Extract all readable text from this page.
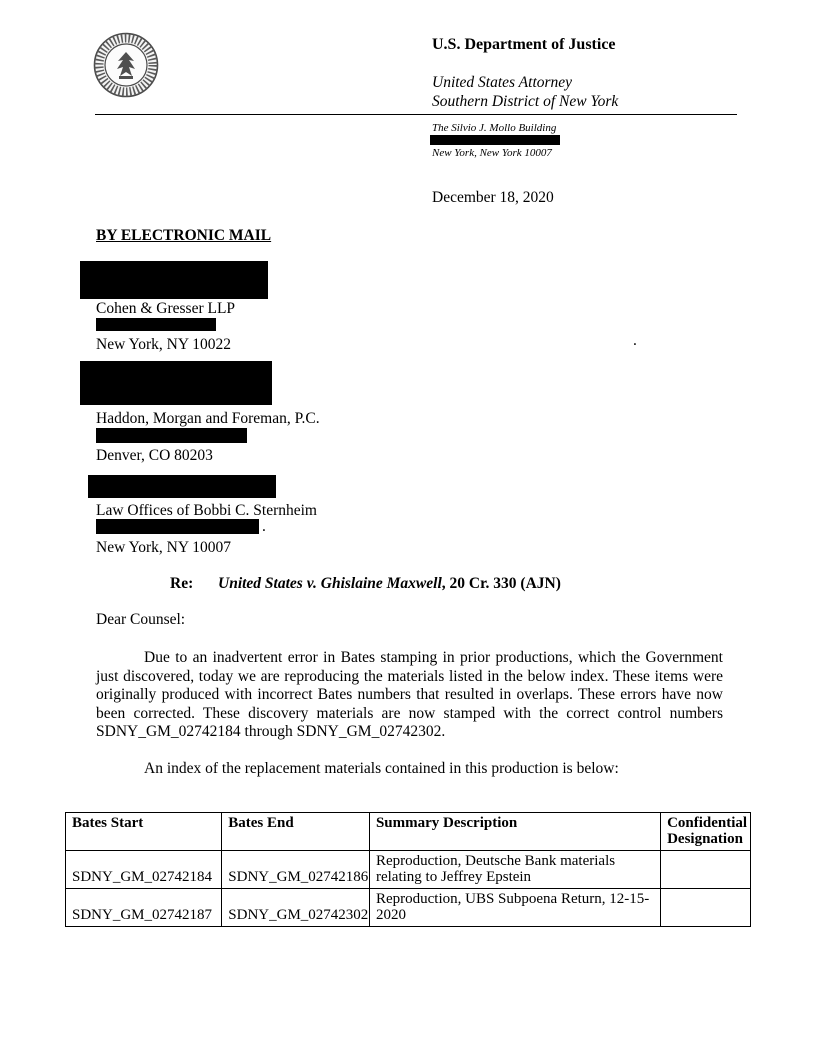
U.S. Department of Justice
United States Attorney
Southern District of New York
The Silvio J. Mollo Building
New York, New York 10007
December 18, 2020
BY ELECTRONIC MAIL
Cohen & Gresser LLP
New York, NY 10022	.
Haddon, Morgan and Foreman, P.C.
Denver, CO 80203
Law Offices of Bobbi C. Sternheim
.
New York, NY 10007
Re: United States v. Ghislaine Maxwell, 20 Cr. 330 (AJN)
Dear Counsel:
Due to an inadvertent error in Bates stamping in prior productions, which the Government just discovered, today we are reproducing the materials listed in the below index. These items were originally produced with incorrect Bates numbers that resulted in overlaps. These errors have now been corrected. These discovery materials are now stamped with the correct control numbers SDNY_GM_02742184 through SDNY_GM_02742302.
An index of the replacement materials contained in this production is below:
Bates Start	Bates End	Summary Description	Confidential Designation
SDNY_GM_02742184	SDNY_GM_02742186	Reproduction, Deutsche Bank materials relating to Jeffrey Epstein	
SDNY_GM_02742187	SDNY_GM_02742302	Reproduction, UBS Subpoena Return, 12-15-2020	
